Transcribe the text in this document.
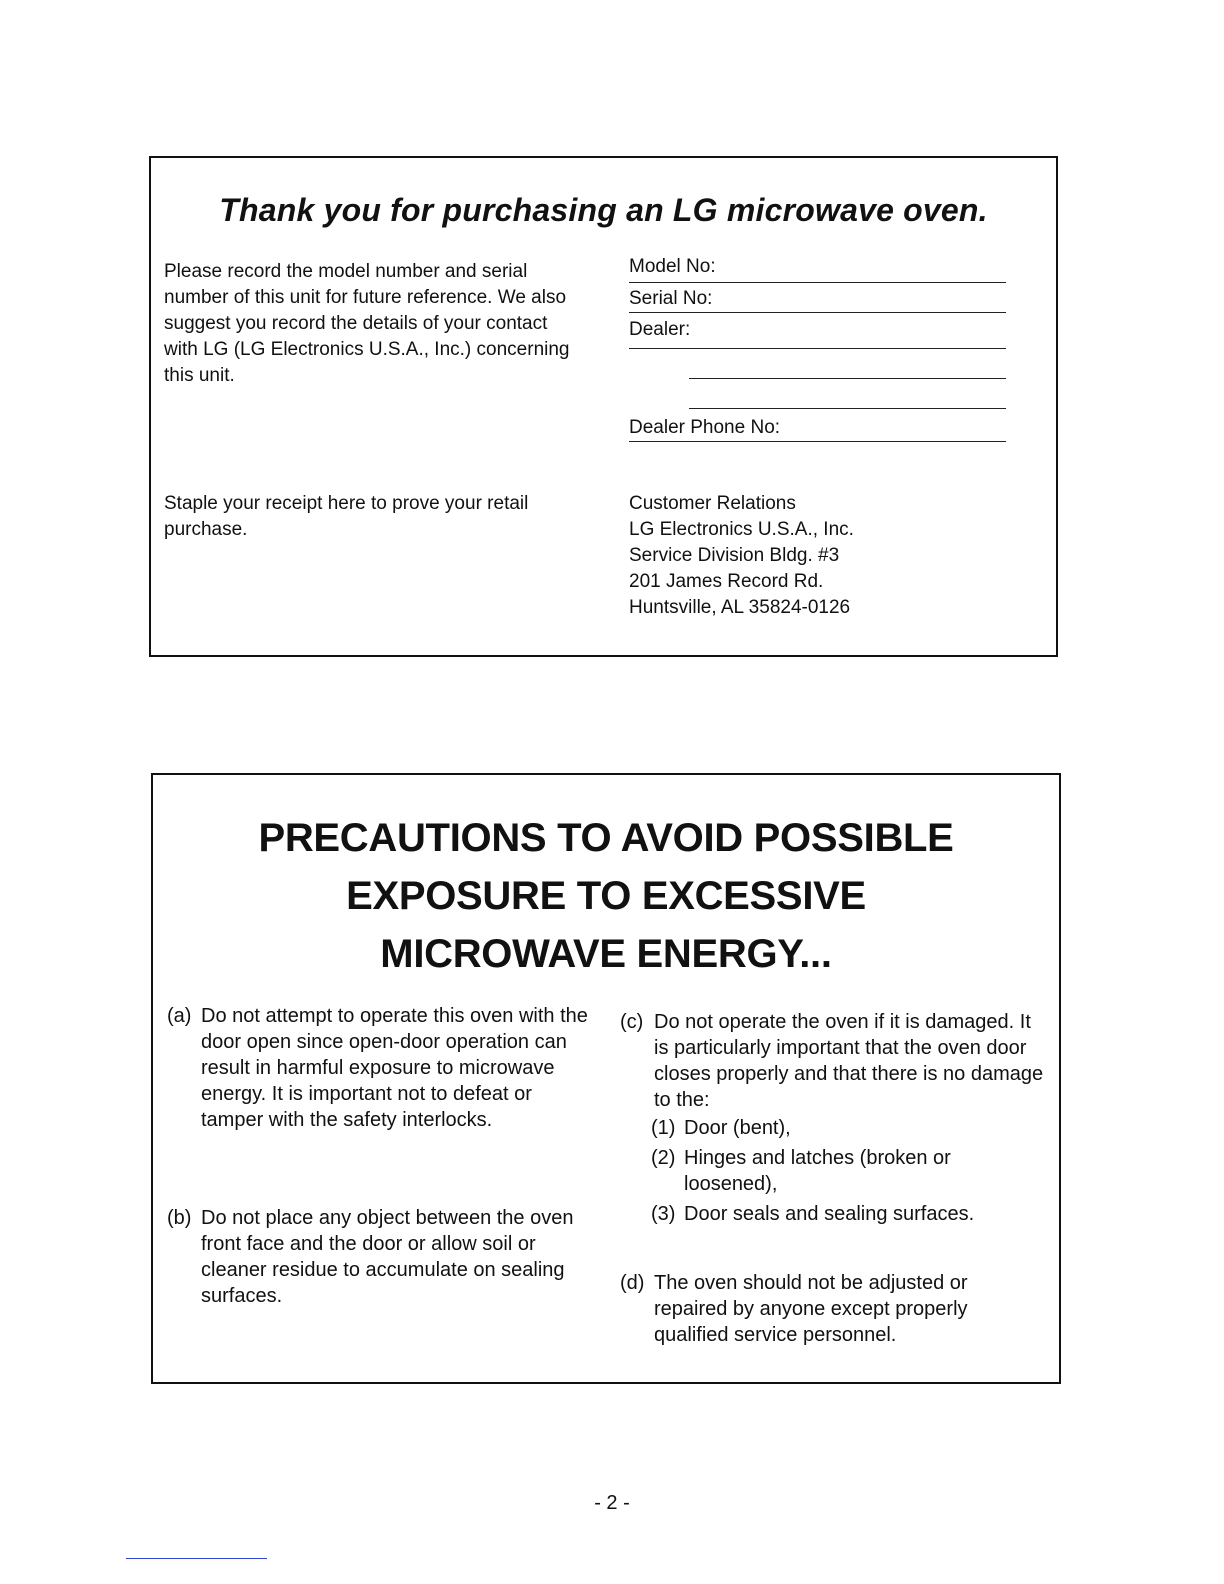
Thank you for purchasing an LG microwave oven.
Please record the model number and serial number of this unit for future reference. We also suggest you record the details of your contact with LG (LG Electronics U.S.A., Inc.) concerning this unit.
Model No:
Serial No:
Dealer:
Dealer Phone No:
Staple your receipt here to prove your retail purchase.
Customer Relations
LG Electronics U.S.A., Inc.
Service Division Bldg. #3
201 James Record Rd.
Huntsville, AL 35824-0126
PRECAUTIONS TO AVOID POSSIBLE
EXPOSURE TO EXCESSIVE
MICROWAVE ENERGY...
(a) Do not attempt to operate this oven with the door open since open-door operation can result in harmful exposure to microwave energy. It is important not to defeat or tamper with the safety interlocks.
(b) Do not place any object between the oven front face and the door or allow soil or cleaner residue to accumulate on sealing surfaces.
(c) Do not operate the oven if it is damaged. It is particularly important that the oven door closes properly and that there is no damage to the:
(1) Door (bent),
(2) Hinges and latches (broken or loosened),
(3) Door seals and sealing surfaces.
(d) The oven should not be adjusted or repaired by anyone except properly qualified service personnel.
- 2 -
